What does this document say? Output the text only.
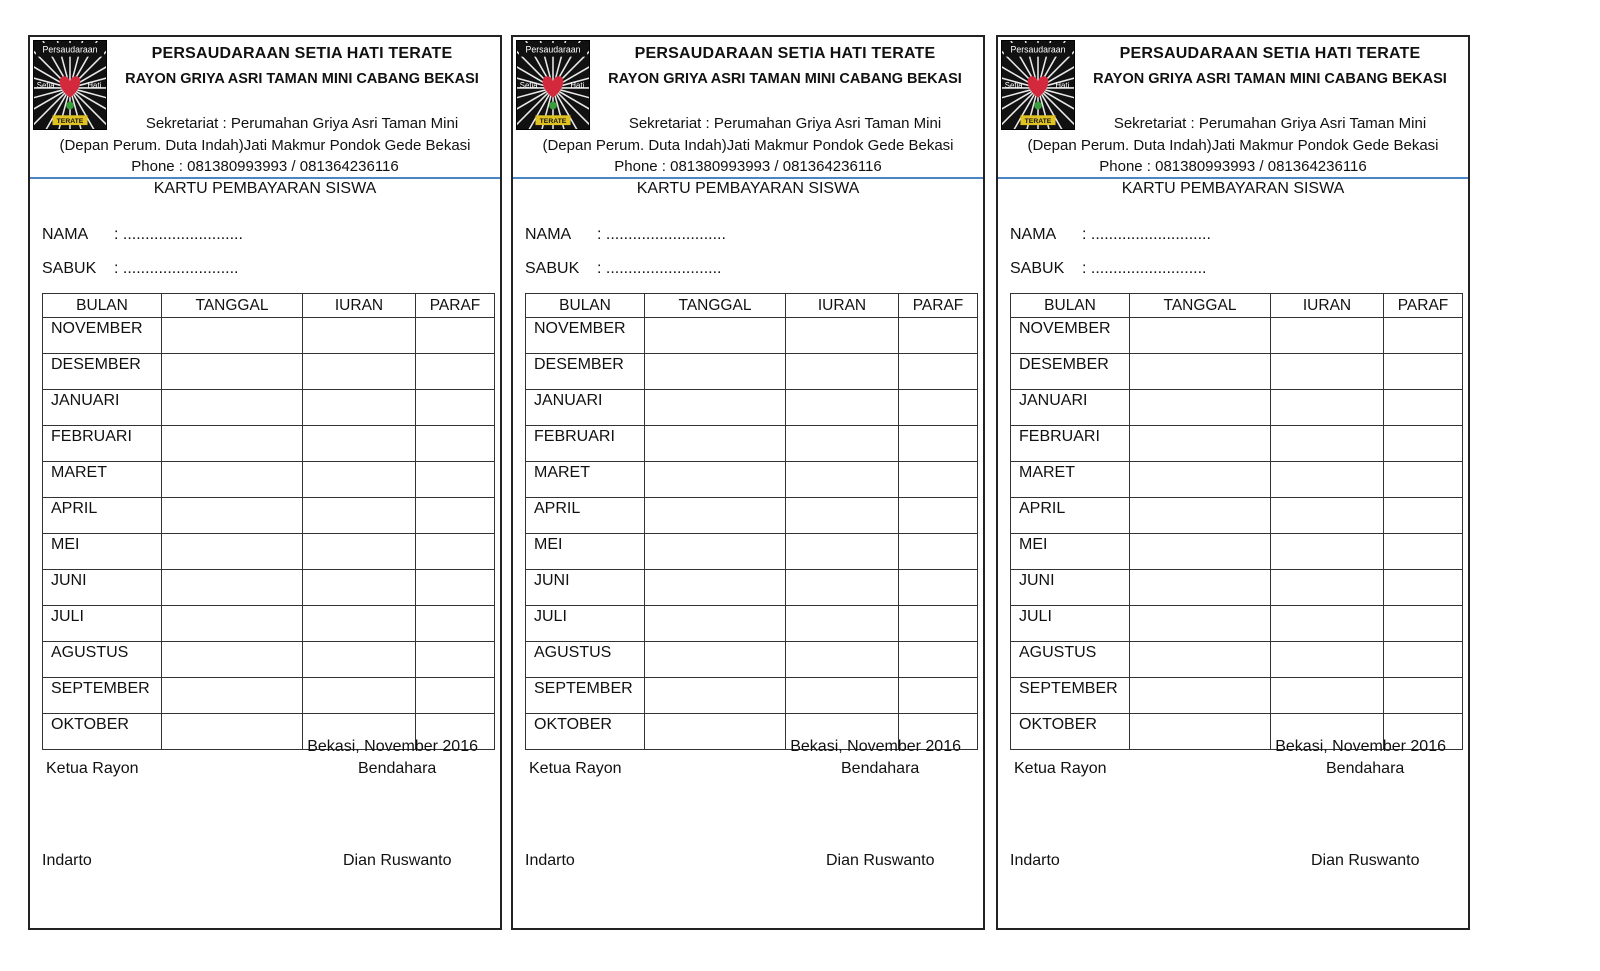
Persaudaraan
Setia	Hati
TERATE
PERSAUDARAAN SETIA HATI TERATE
RAYON GRIYA ASRI TAMAN MINI CABANG BEKASI
Sekretariat : Perumahan Griya Asri Taman Mini
(Depan Perum. Duta Indah)Jati Makmur Pondok Gede Bekasi
Phone : 081380993993 / 081364236116
KARTU PEMBAYARAN SISWA
NAMA : ...........................
SABUK : ..........................
BULAN	TANGGAL	IURAN	PARAF
NOVEMBER			
DESEMBER			
JANUARI			
FEBRUARI			
MARET			
APRIL			
MEI			
JUNI			
JULI			
AGUSTUS			
SEPTEMBER			
OKTOBER			
Bekasi, November 2016
Ketua Rayon	Bendahara
Indarto	Dian Ruswanto
Persaudaraan
Setia	Hati
TERATE
PERSAUDARAAN SETIA HATI TERATE
RAYON GRIYA ASRI TAMAN MINI CABANG BEKASI
Sekretariat : Perumahan Griya Asri Taman Mini
(Depan Perum. Duta Indah)Jati Makmur Pondok Gede Bekasi
Phone : 081380993993 / 081364236116
KARTU PEMBAYARAN SISWA
NAMA : ...........................
SABUK : ..........................
BULAN	TANGGAL	IURAN	PARAF
NOVEMBER			
DESEMBER			
JANUARI			
FEBRUARI			
MARET			
APRIL			
MEI			
JUNI			
JULI			
AGUSTUS			
SEPTEMBER			
OKTOBER			
Bekasi, November 2016
Ketua Rayon	Bendahara
Indarto	Dian Ruswanto
Persaudaraan
Setia	Hati
TERATE
PERSAUDARAAN SETIA HATI TERATE
RAYON GRIYA ASRI TAMAN MINI CABANG BEKASI
Sekretariat : Perumahan Griya Asri Taman Mini
(Depan Perum. Duta Indah)Jati Makmur Pondok Gede Bekasi
Phone : 081380993993 / 081364236116
KARTU PEMBAYARAN SISWA
NAMA : ...........................
SABUK : ..........................
BULAN	TANGGAL	IURAN	PARAF
NOVEMBER			
DESEMBER			
JANUARI			
FEBRUARI			
MARET			
APRIL			
MEI			
JUNI			
JULI			
AGUSTUS			
SEPTEMBER			
OKTOBER			
Bekasi, November 2016
Ketua Rayon	Bendahara
Indarto	Dian Ruswanto
